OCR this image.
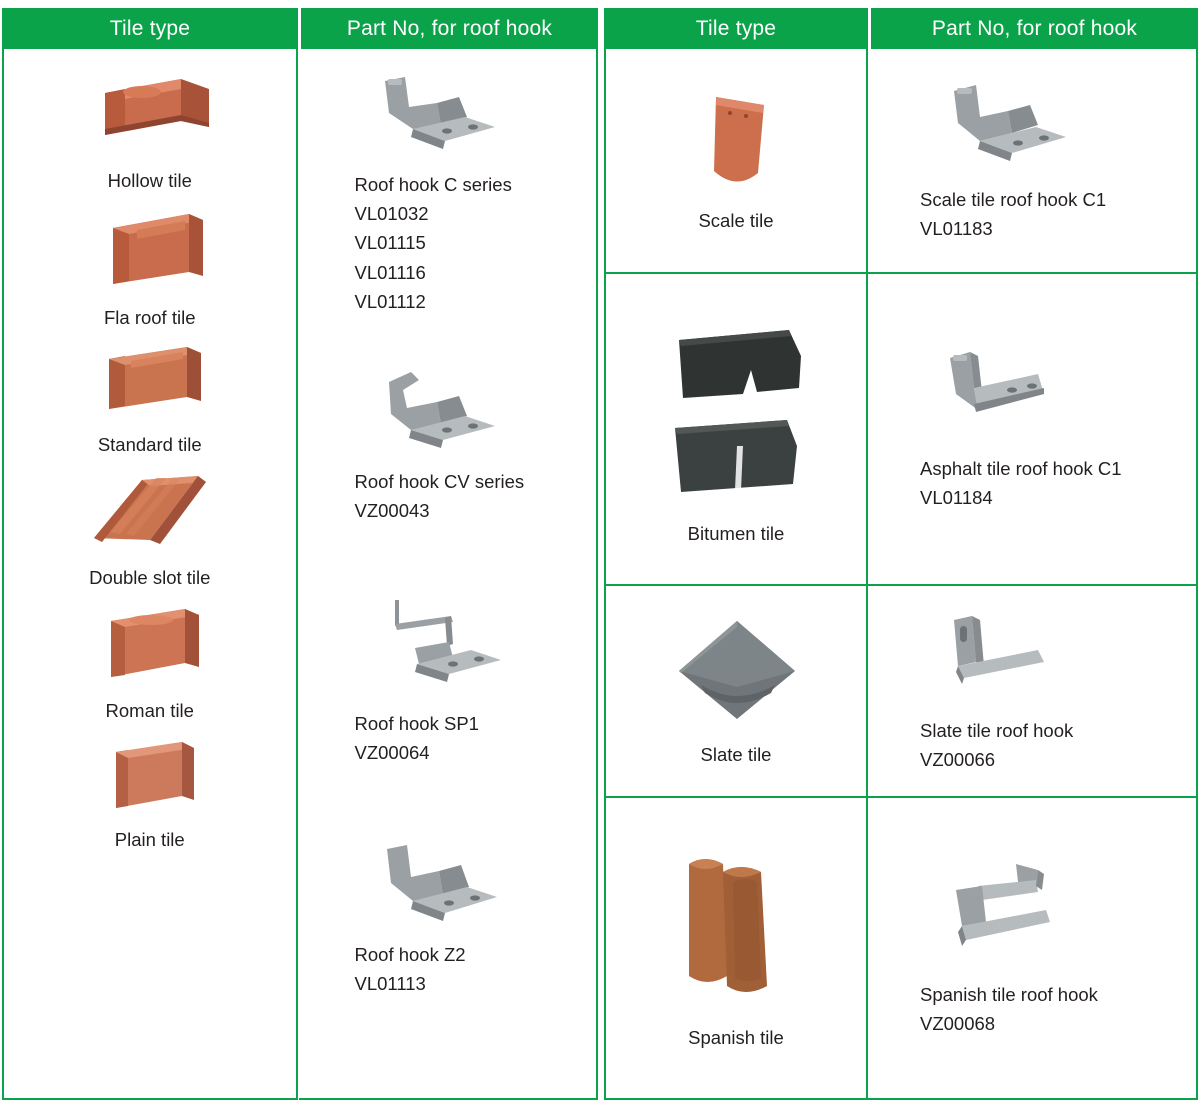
Tile type	Part No, for roof hook
Hollow tile
Fla roof tile
Standard tile
Double slot tile
Roman tile
Plain tile
Roof hook C series
VL01032
VL01115
VL01116
VL01112
Roof hook CV series
VZ00043
Roof hook SP1
VZ00064
Roof hook Z2
VL01113
Tile type	Part No, for roof hook
Scale tile
Scale tile roof hook C1
VL01183
Bitumen tile
Asphalt tile roof hook C1
VL01184
Slate tile
Slate tile roof hook
VZ00066
Spanish tile
Spanish tile roof hook
VZ00068
